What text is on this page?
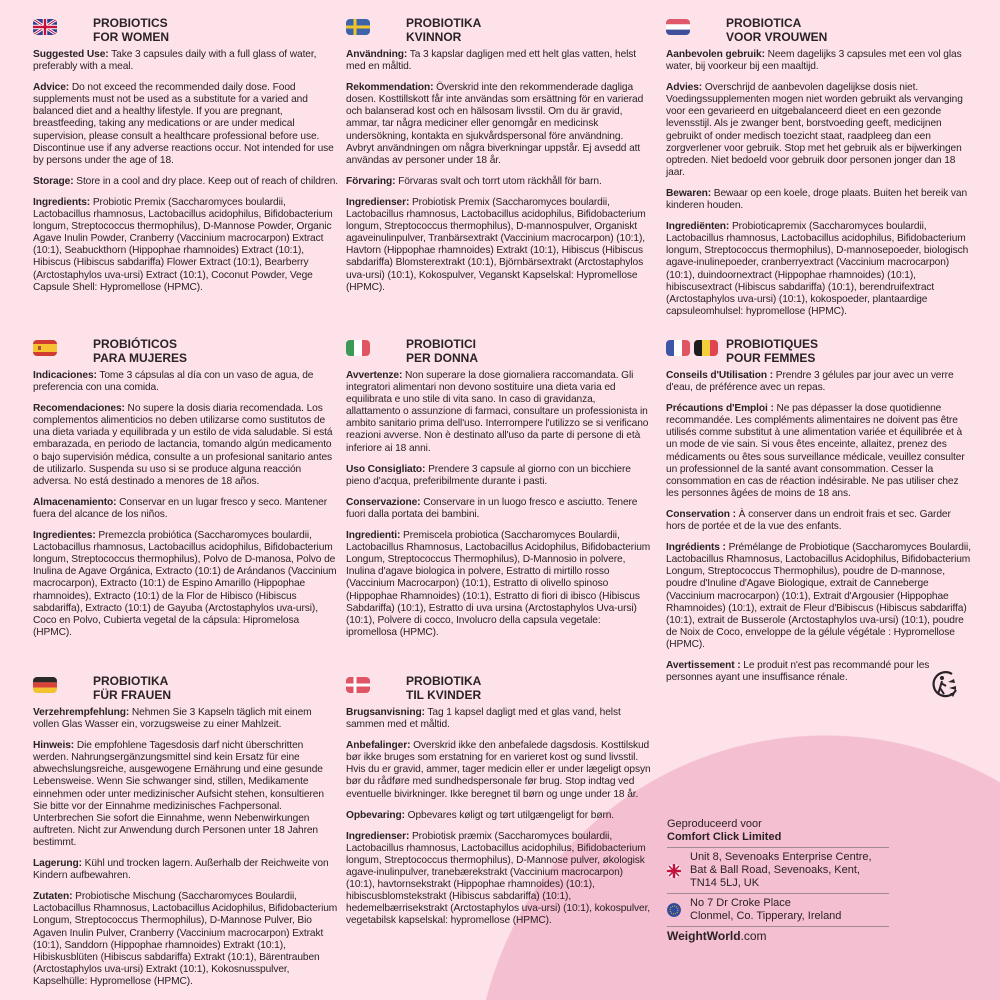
PROBIOTICS
FOR WOMEN

Suggested Use: Take 3 capsules daily with a full glass of water, preferably with a meal.

Advice: Do not exceed the recommended daily dose. Food supplements must not be used as a substitute for a varied and balanced diet and a healthy lifestyle. If you are pregnant, breastfeeding, taking any medications or are under medical supervision, please consult a healthcare professional before use. Discontinue use if any adverse reactions occur. Not intended for use by persons under the age of 18.

Storage: Store in a cool and dry place. Keep out of reach of children.

Ingredients: Probiotic Premix (Saccharomyces boulardii, Lactobacillus rhamnosus, Lactobacillus acidophilus, Bifidobacterium longum, Streptococcus thermophilus), D-Mannose Powder, Organic Agave Inulin Powder, Cranberry (Vaccinium macrocarpon) Extract (10:1), Seabuckthorn (Hippophae rhamnoides) Extract (10:1), Hibiscus (Hibiscus sabdariffa) Flower Extract (10:1), Bearberry (Arctostaphylos uva-ursi) Extract (10:1), Coconut Powder, Vege Capsule Shell: Hypromellose (HPMC).

PROBIOTIKA
KVINNOR

Användning: Ta 3 kapslar dagligen med ett helt glas vatten, helst med en måltid.

Rekommendation: Överskrid inte den rekommenderade dagliga dosen. Kosttillskott får inte användas som ersättning för en varierad och balanserad kost och en hälsosam livsstil. Om du är gravid, ammar, tar några mediciner eller genomgår en medicinsk undersökning, kontakta en sjukvårdspersonal före användning. Avbryt användningen om några biverkningar uppstår. Ej avsedd att användas av personer under 18 år.

Förvaring: Förvaras svalt och torrt utom räckhåll för barn.

Ingredienser: Probiotisk Premix (Saccharomyces boulardii, Lactobacillus rhamnosus, Lactobacillus acidophilus, Bifidobacterium longum, Streptococcus thermophilus), D-mannospulver, Organiskt agaveinulinpulver, Tranbärsextrakt (Vaccinium macrocarpon) (10:1), Havtorn (Hippophae rhamnoides) Extrakt (10:1), Hibiscus (Hibiscus sabdariffa) Blomsterextrakt (10:1), Björnbärsextrakt (Arctostaphylos uva-ursi) (10:1), Kokospulver, Veganskt Kapselskal: Hypromellose (HPMC).

PROBIOTICA
VOOR VROUWEN

Aanbevolen gebruik: Neem dagelijks 3 capsules met een vol glas water, bij voorkeur bij een maaltijd.

Advies: Overschrijd de aanbevolen dagelijkse dosis niet. Voedingssupplementen mogen niet worden gebruikt als vervanging voor een gevarieerd en uitgebalanceerd dieet en een gezonde levensstijl. Als je zwanger bent, borstvoeding geeft, medicijnen gebruikt of onder medisch toezicht staat, raadpleeg dan een zorgverlener voor gebruik. Stop met het gebruik als er bijwerkingen optreden. Niet bedoeld voor gebruik door personen jonger dan 18 jaar.

Bewaren: Bewaar op een koele, droge plaats. Buiten het bereik van kinderen houden.

Ingrediënten: Probioticapremix (Saccharomyces boulardii, Lactobacillus rhamnosus, Lactobacillus acidophilus, Bifidobacterium longum, Streptococcus thermophilus), D-mannosepoeder, biologisch agave-inulinepoeder, cranberryextract (Vaccinium macrocarpon) (10:1), duindoornextract (Hippophae rhamnoides) (10:1), hibiscusextract (Hibiscus sabdariffa) (10:1), berendruifextract (Arctostaphylos uva-ursi) (10:1), kokospoeder, plantaardige capsuleomhulsel: hypromellose (HPMC).

PROBIÓTICOS
PARA MUJERES

Indicaciones: Tome 3 cápsulas al día con un vaso de agua, de preferencia con una comida.

Recomendaciones: No supere la dosis diaria recomendada. Los complementos alimenticios no deben utilizarse como sustitutos de una dieta variada y equilibrada y un estilo de vida saludable. Si está embarazada, en periodo de lactancia, tomando algún medicamento o bajo supervisión médica, consulte a un profesional sanitario antes de utilizarlo. Suspenda su uso si se produce alguna reacción adversa. No está destinado a menores de 18 años.

Almacenamiento: Conservar en un lugar fresco y seco. Mantener fuera del alcance de los niños.

Ingredientes: Premezcla probiótica (Saccharomyces boulardii, Lactobacillus rhamnosus, Lactobacillus acidophilus, Bifidobacterium longum, Streptococcus thermophilus), Polvo de D-manosa, Polvo de Inulina de Agave Orgánica, Extracto (10:1) de Arándanos (Vaccinium macrocarpon), Extracto (10:1) de Espino Amarillo (Hippophae rhamnoides), Extracto (10:1) de la Flor de Hibisco (Hibiscus sabdariffa), Extracto (10:1) de Gayuba (Arctostaphylos uva-ursi), Coco en Polvo, Cubierta vegetal de la cápsula: Hipromelosa (HPMC).

PROBIOTICI
PER DONNA

Avvertenze: Non superare la dose giornaliera raccomandata. Gli integratori alimentari non devono sostituire una dieta varia ed equilibrata e uno stile di vita sano. In caso di gravidanza, allattamento o assunzione di farmaci, consultare un professionista in ambito sanitario prima dell'uso. Interrompere l'utilizzo se si verificano reazioni avverse. Non è destinato all'uso da parte di persone di età inferiore ai 18 anni.

Uso Consigliato: Prendere 3 capsule al giorno con un bicchiere pieno d'acqua, preferibilmente durante i pasti.

Conservazione: Conservare in un luogo fresco e asciutto. Tenere fuori dalla portata dei bambini.

Ingredienti: Premiscela probiotica (Saccharomyces Boulardii, Lactobacillus Rhamnosus, Lactobacillus Acidophilus, Bifidobacterium Longum, Streptococcus Thermophilus), D-Mannosio in polvere, Inulina d'agave biologica in polvere, Estratto di mirtillo rosso (Vaccinium Macrocarpon) (10:1), Estratto di olivello spinoso (Hippophae Rhamnoides) (10:1), Estratto di fiori di ibisco (Hibiscus Sabdariffa) (10:1), Estratto di uva ursina (Arctostaphylos Uva-ursi) (10:1), Polvere di cocco, Involucro della capsula vegetale: ipromellosa (HPMC).

PROBIOTIQUES
POUR FEMMES

Conseils d'Utilisation : Prendre 3 gélules par jour avec un verre d'eau, de préférence avec un repas.

Précautions d'Emploi : Ne pas dépasser la dose quotidienne recommandée. Les compléments alimentaires ne doivent pas être utilisés comme substitut à une alimentation variée et équilibrée et à un mode de vie sain. Si vous êtes enceinte, allaitez, prenez des médicaments ou êtes sous surveillance médicale, veuillez consulter un professionnel de la santé avant consommation. Cesser la consommation en cas de réaction indésirable. Ne pas utiliser chez les personnes âgées de moins de 18 ans.

Conservation : À conserver dans un endroit frais et sec. Garder hors de portée et de la vue des enfants.

Ingrédients : Prémélange de Probiotique (Saccharomyces Boulardii, Lactobacillus Rhamnosus, Lactobacillus Acidophilus, Bifidobacterium Longum, Streptococcus Thermophilus), poudre de D-mannose, poudre d'Inuline d'Agave Biologique, extrait de Canneberge (Vaccinium macrocarpon) (10:1), Extrait d'Argousier (Hippophae Rhamnoides) (10:1), extrait de Fleur d'Bibiscus (Hibiscus sabdariffa) (10:1), extrait de Busserole (Arctostaphylos uva-ursi) (10:1), poudre de Noix de Coco, enveloppe de la gélule végétale : Hypromellose (HPMC).

Avertissement : Le produit n'est pas recommandé pour les personnes ayant une insuffisance rénale.

PROBIOTIKA
FÜR FRAUEN

Verzehrempfehlung: Nehmen Sie 3 Kapseln täglich mit einem vollen Glas Wasser ein, vorzugsweise zu einer Mahlzeit.

Hinweis: Die empfohlene Tagesdosis darf nicht überschritten werden. Nahrungsergänzungsmittel sind kein Ersatz für eine abwechslungsreiche, ausgewogene Ernährung und eine gesunde Lebensweise. Wenn Sie schwanger sind, stillen, Medikamente einnehmen oder unter medizinischer Aufsicht stehen, konsultieren Sie bitte vor der Einnahme medizinisches Fachpersonal. Unterbrechen Sie sofort die Einnahme, wenn Nebenwirkungen auftreten. Nicht zur Anwendung durch Personen unter 18 Jahren bestimmt.

Lagerung: Kühl und trocken lagern. Außerhalb der Reichweite von Kindern aufbewahren.

Zutaten: Probiotische Mischung (Saccharomyces Boulardii, Lactobacillus Rhamnosus, Lactobacillus Acidophilus, Bifidobacterium Longum, Streptococcus Thermophilus), D-Mannose Pulver, Bio Agaven Inulin Pulver, Cranberry (Vaccinium macrocarpon) Extrakt (10:1), Sanddorn (Hippophae rhamnoides) Extrakt (10:1), Hibiskusblüten (Hibiscus sabdariffa) Extrakt (10:1), Bärentrauben (Arctostaphylos uva-ursi) Extrakt (10:1), Kokosnusspulver, Kapselhülle: Hypromellose (HPMC).

PROBIOTIKA
TIL KVINDER

Brugsanvisning: Tag 1 kapsel dagligt med et glas vand, helst sammen med et måltid.

Anbefalinger: Overskrid ikke den anbefalede dagsdosis. Kosttilskud bør ikke bruges som erstatning for en varieret kost og sund livsstil. Hvis du er gravid, ammer, tager medicin eller er under lægeligt opsyn bør du rådføre med sundhedspersonale før brug. Stop indtag ved eventuelle bivirkninger. Ikke beregnet til børn og unge under 18 år.

Opbevaring: Opbevares køligt og tørt utilgængeligt for børn.

Ingredienser: Probiotisk præmix (Saccharomyces boulardii, Lactobacillus rhamnosus, Lactobacillus acidophilus, Bifidobacterium longum, Streptococcus thermophilus), D-Mannose pulver, økologisk agave-inulinpulver, tranebærekstrakt (Vaccinium macrocarpon) (10:1), havtornsekstrakt (Hippophae rhamnoides) (10:1), hibiscusblomstekstrakt (Hibiscus sabdariffa) (10:1), hedemelbærrisekstrakt (Arctostaphylos uva-ursi) (10:1), kokospulver, vegetabilsk kapselskal: hypromellose (HPMC).

Geproduceerd voor
Comfort Click Limited
Unit 8, Sevenoaks Enterprise Centre,
Bat & Ball Road, Sevenoaks, Kent,
TN14 5LJ, UK
No 7 Dr Croke Place
Clonmel, Co. Tipperary, Ireland
WeightWorld.com
